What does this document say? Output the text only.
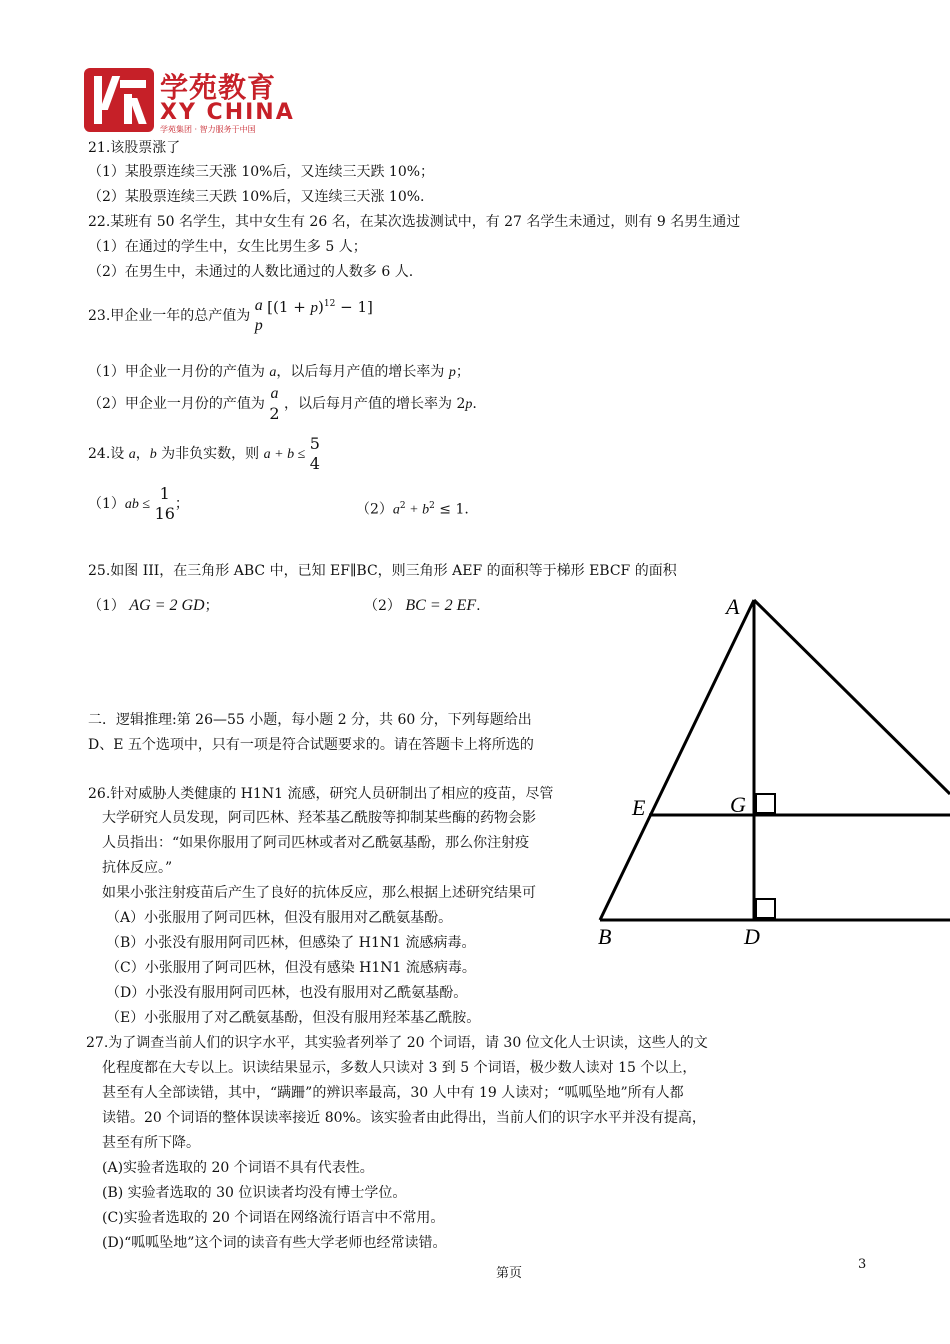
学苑教育
XY CHINA
学苑集团 · 智力服务于中国
21.该股票涨了
（1）某股票连续三天涨 10%后，又连续三天跌 10%；
（2）某股票连续三天跌 10%后，又连续三天涨 10%.
22.某班有 50 名学生，其中女生有 26 名，在某次选拔测试中，有 27 名学生未通过，则有 9 名男生通过
（1）在通过的学生中，女生比男生多 5 人；
（2）在男生中，未通过的人数比通过的人数多 6 人.
23.甲企业一年的总产值为
a
p
$[(1 + p)^{12} - 1]$
（1）甲企业一月份的产值为 a，以后每月产值的增长率为 p；
（2）甲企业一月份的产值为
a
2 ，以后每月产值的增长率为 2p.
24.设 a，b 为非负实数，则 a + b ≤
5
4
（1）ab ≤
1
16 ；	$(2)a^2 + b^2 \le 1$.
25.如图 III，在三角形 ABC 中，已知 EF∥BC，则三角形 AEF 的面积等于梯形 EBCF 的面积
（1） AG = 2 GD；	（2） BC = 2 EF.	A
B	D
E	G
二．逻辑推理:第 26—55 小题，每小题 2 分，共 60 分，下列每题给出
D、E 五个选项中，只有一项是符合试题要求的。请在答题卡上将所选的
26.针对威胁人类健康的 H1N1 流感，研究人员研制出了相应的疫苗，尽管
大学研究人员发现，阿司匹林、羟苯基乙酰胺等抑制某些酶的药物会影
人员指出：“如果你服用了阿司匹林或者对乙酰氨基酚，那么你注射疫
抗体反应。”
如果小张注射疫苗后产生了良好的抗体反应，那么根据上述研究结果可
（A）小张服用了阿司匹林，但没有服用对乙酰氨基酚。
（B）小张没有服用阿司匹林，但感染了 H1N1 流感病毒。
（C）小张服用了阿司匹林，但没有感染 H1N1 流感病毒。
（D）小张没有服用阿司匹林，也没有服用对乙酰氨基酚。
（E）小张服用了对乙酰氨基酚，但没有服用羟苯基乙酰胺。
27.为了调查当前人们的识字水平，其实验者列举了 20 个词语，请 30 位文化人士识读，这些人的文
化程度都在大专以上。识读结果显示，多数人只读对 3 到 5 个词语，极少数人读对 15 个以上，
甚至有人全部读错，其中，“蹒跚”的辨识率最高，30 人中有 19 人读对；“呱呱坠地”所有人都
读错。20 个词语的整体误读率接近 80%。该实验者由此得出，当前人们的识字水平并没有提高，
甚至有所下降。
(A)实验者选取的 20 个词语不具有代表性。
(B) 实验者选取的 30 位识读者均没有博士学位。
(C)实验者选取的 20 个词语在网络流行语言中不常用。
(D)“呱呱坠地”这个词的读音有些大学老师也经常读错。
第页
3
